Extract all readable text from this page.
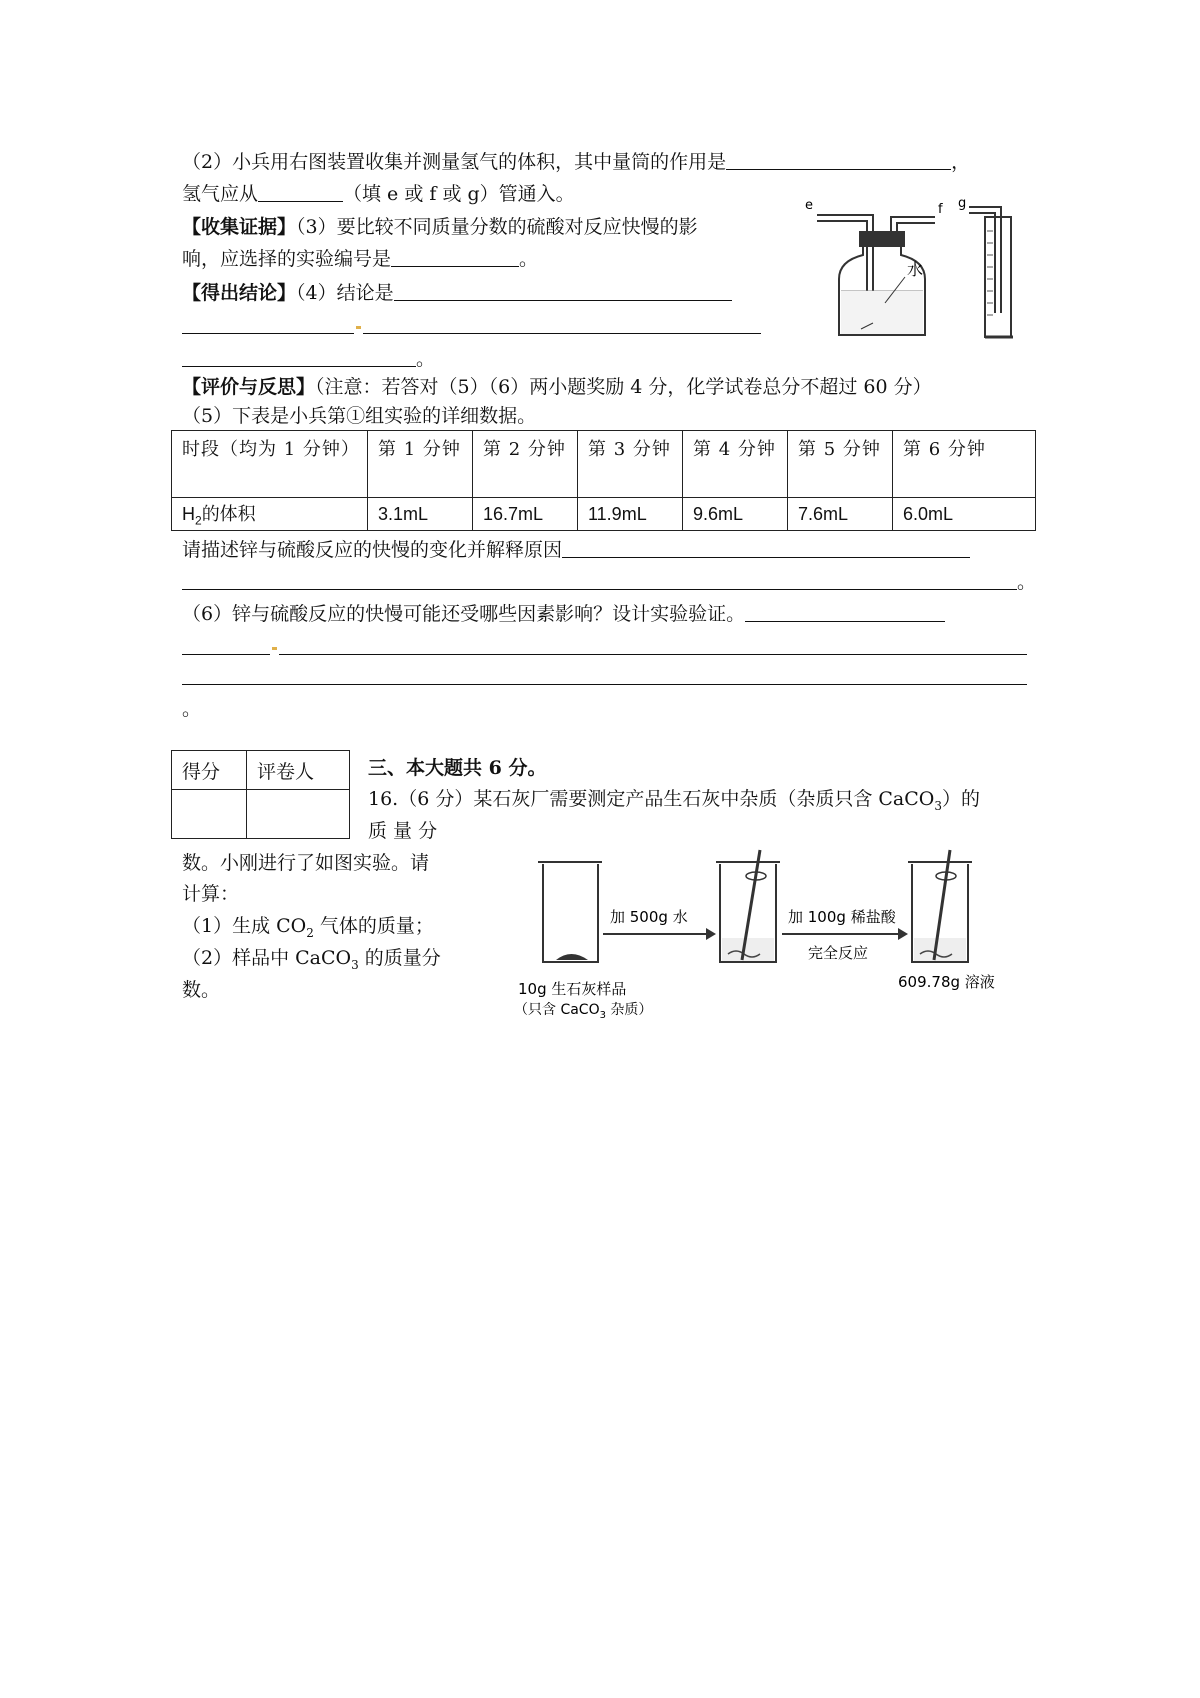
（2）小兵用右图装置收集并测量氢气的体积，其中量筒的作用是	，
氢气应从	（填 e 或 f 或 g）管通入。
【收集证据】（3）要比较不同质量分数的硫酸对反应快慢的影
响，应选择的实验编号是	。
【得出结论】（4）结论是
。
【评价与反思】（注意：若答对（5）（6）两小题奖励 4 分，化学试卷总分不超过 60 分）
（5）下表是小兵第①组实验的详细数据。
时段（均为 1 分钟）	第 1 分钟	第 2 分钟	第 3 分钟	第 4 分钟	第 5 分钟	第 6 分钟
$H_2$的体积	3.1mL	16.7mL	11.9mL	9.6mL	7.6mL	6.0mL
请描述锌与硫酸反应的快慢的变化并解释原因
。
（6）锌与硫酸反应的快慢可能还受哪些因素影响？设计实验验证。
。
得分	评卷人
		三、本大题共 6 分。
16.（6 分）某石灰厂需要测定产品生石灰中杂质（杂质只含 CaCO$_3$）的
质 量 分
数。小刚进行了如图实验。请
计算：
（1）生成 $CO_2$ 气体的质量；
（2）样品中 CaCO$_3$ 的质量分
数。
水
e	f g
10g 生石灰样品
（只含 CaCO$_3$ 杂质）
加 500g 水	加 100g 稀盐酸
完全反应
609.78g 溶液
